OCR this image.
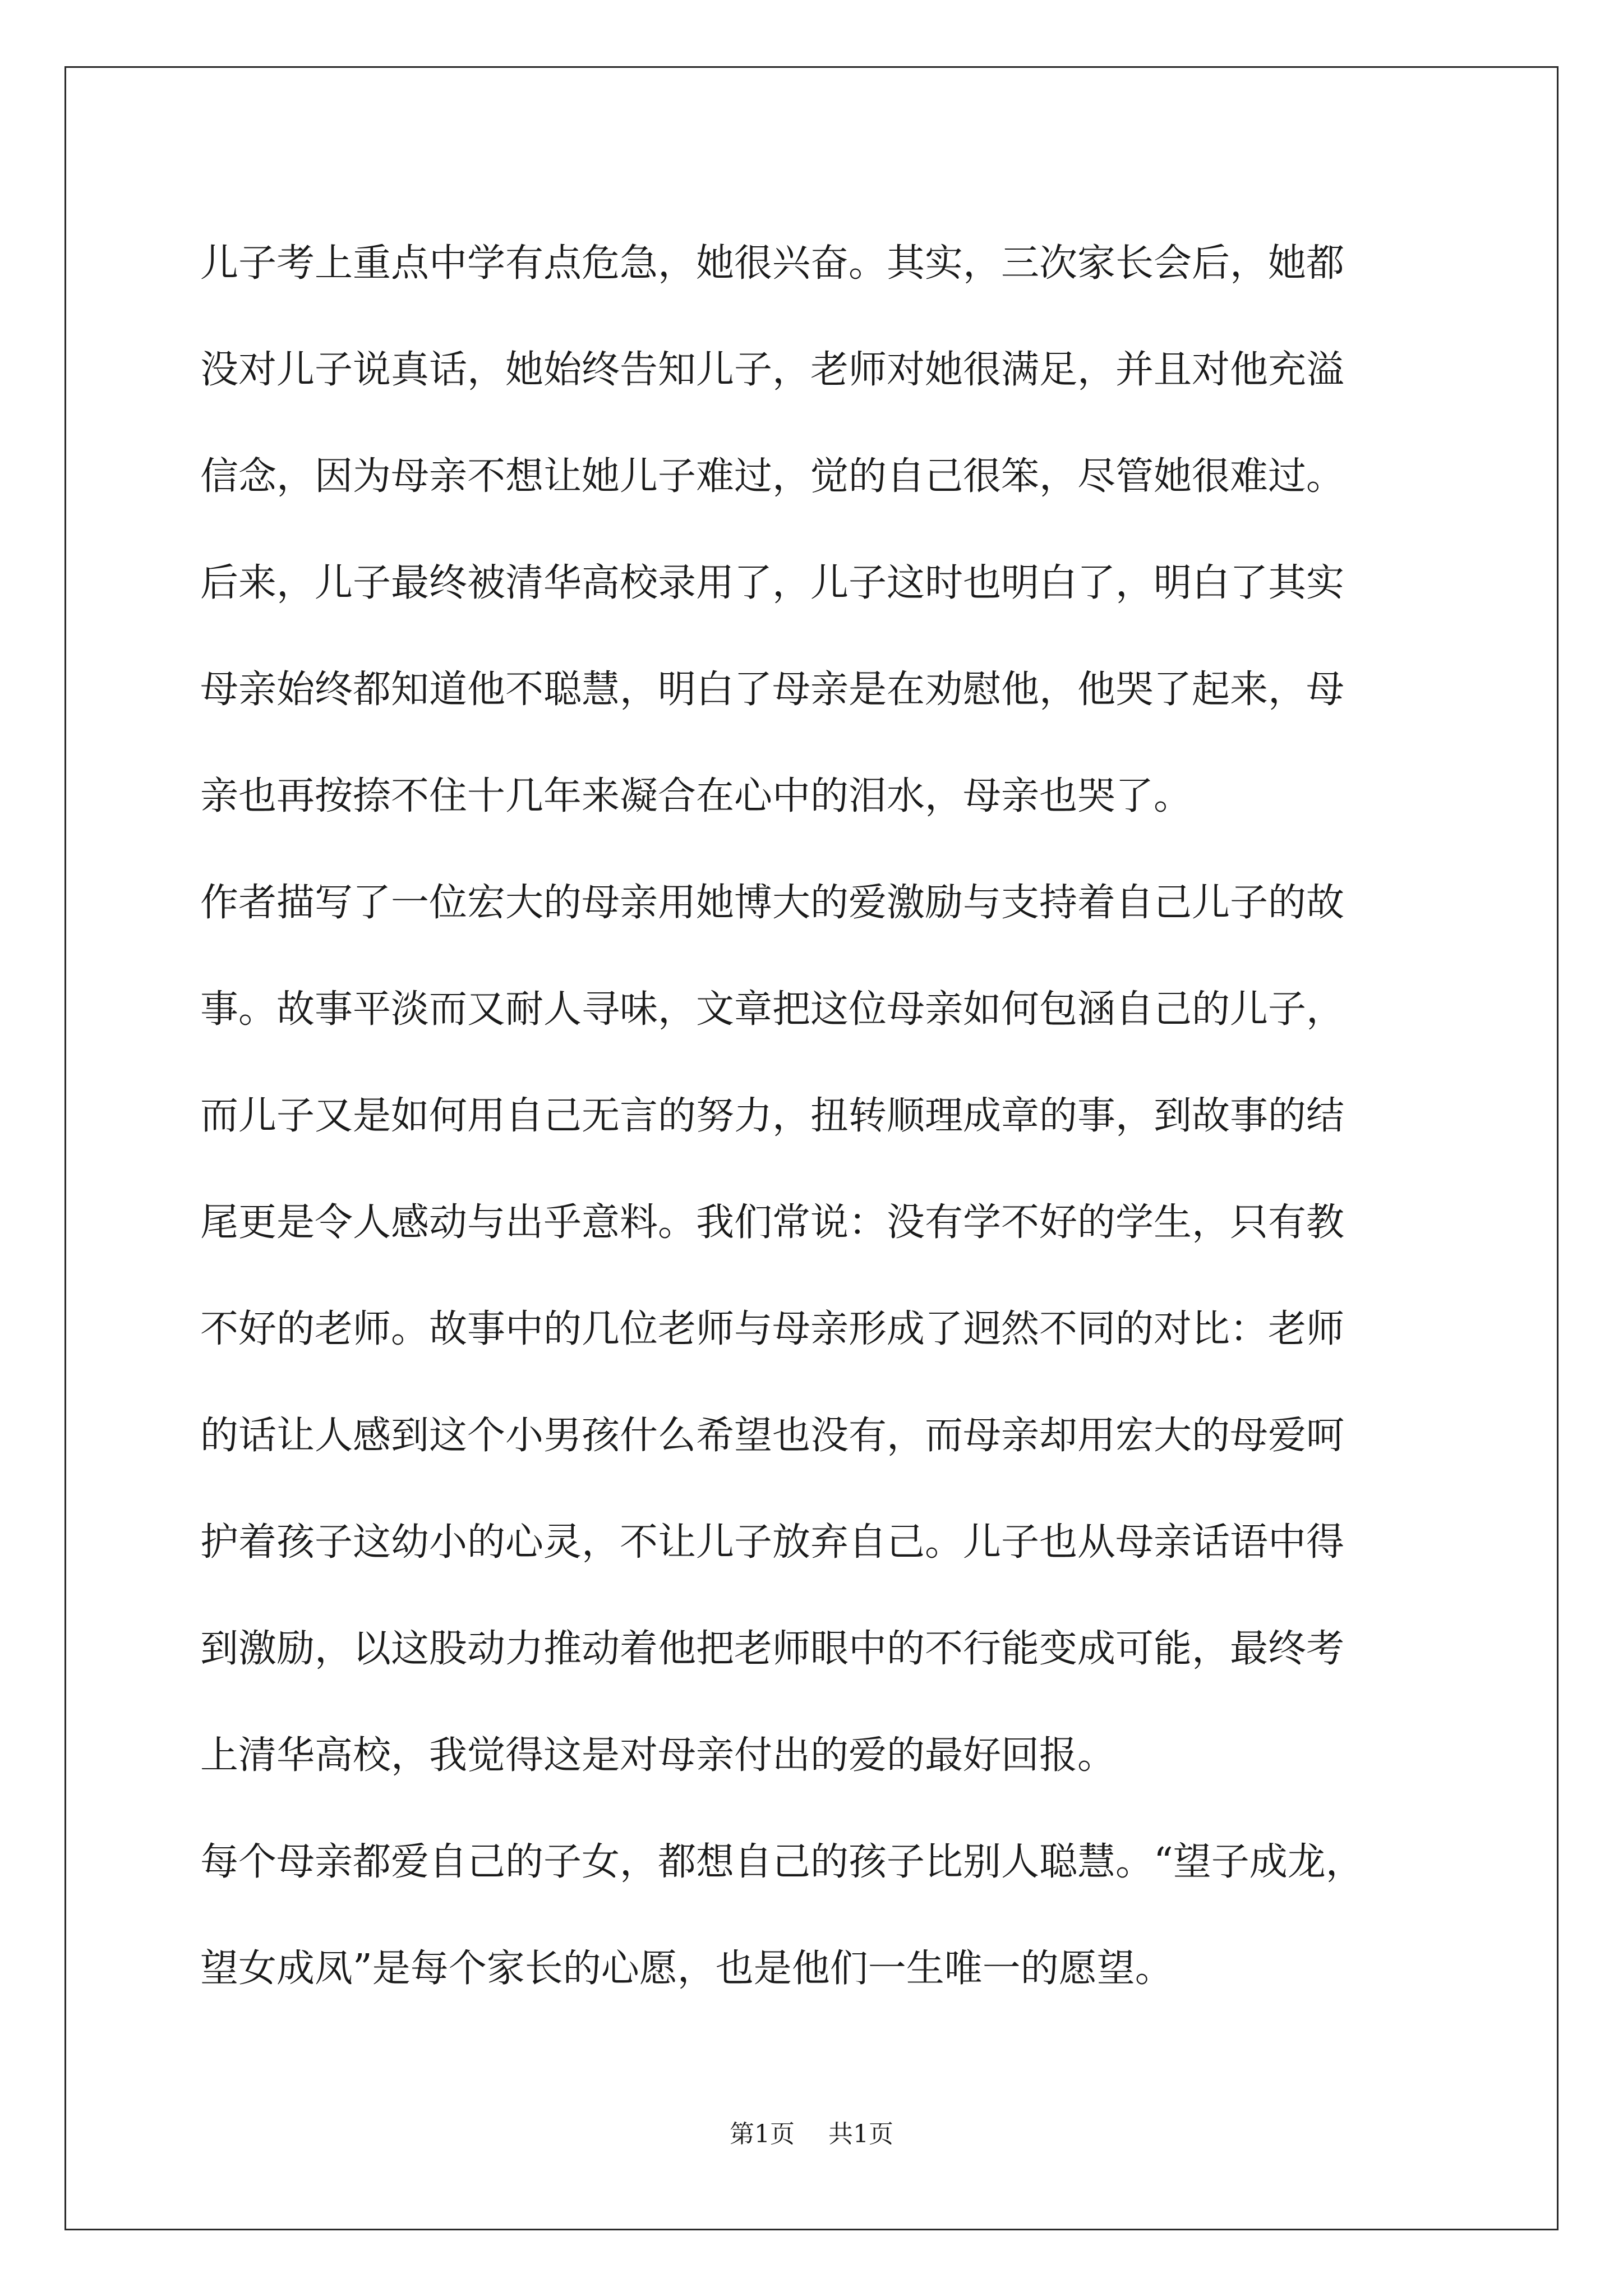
儿子考上重点中学有点危急，她很兴奋。其实，三次家长会后，她都
没对儿子说真话，她始终告知儿子，老师对她很满足，并且对他充溢
信念，因为母亲不想让她儿子难过，觉的自己很笨，尽管她很难过。
后来，儿子最终被清华高校录用了，儿子这时也明白了，明白了其实
母亲始终都知道他不聪慧，明白了母亲是在劝慰他，他哭了起来，母
亲也再按捺不住十几年来凝合在心中的泪水，母亲也哭了。
作者描写了一位宏大的母亲用她博大的爱激励与支持着自己儿子的故
事。故事平淡而又耐人寻味，文章把这位母亲如何包涵自己的儿子，
而儿子又是如何用自己无言的努力，扭转顺理成章的事，到故事的结
尾更是令人感动与出乎意料。我们常说：没有学不好的学生，只有教
不好的老师。故事中的几位老师与母亲形成了迥然不同的对比：老师
的话让人感到这个小男孩什么希望也没有，而母亲却用宏大的母爱呵
护着孩子这幼小的心灵，不让儿子放弃自己。儿子也从母亲话语中得
到激励，以这股动力推动着他把老师眼中的不行能变成可能，最终考
上清华高校，我觉得这是对母亲付出的爱的最好回报。
每个母亲都爱自己的子女，都想自己的孩子比别人聪慧。“望子成龙，
望女成凤”是每个家长的心愿，也是他们一生唯一的愿望。
第1页 共1页
